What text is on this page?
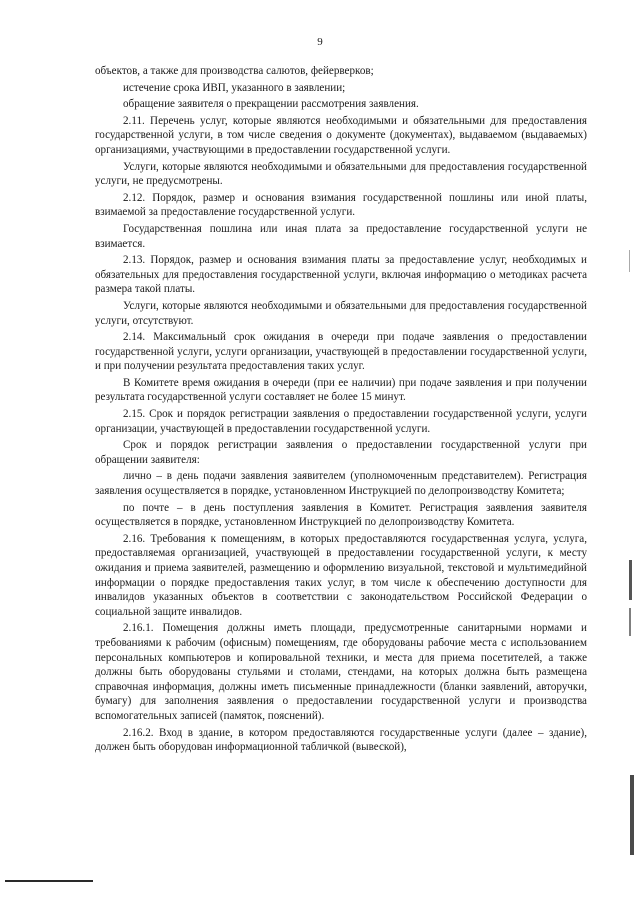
9

объектов, а также для производства салютов, фейерверков;

истечение срока ИВП, указанного в заявлении;

обращение заявителя о прекращении рассмотрения заявления.

2.11. Перечень услуг, которые являются необходимыми и обязательными для предоставления государственной услуги, в том числе сведения о документе (документах), выдаваемом (выдаваемых) организациями, участвующими в предоставлении государственной услуги.

Услуги, которые являются необходимыми и обязательными для предоставления государственной услуги, не предусмотрены.

2.12. Порядок, размер и основания взимания государственной пошлины или иной платы, взимаемой за предоставление государственной услуги.

Государственная пошлина или иная плата за предоставление государственной услуги не взимается.

2.13. Порядок, размер и основания взимания платы за предоставление услуг, необходимых и обязательных для предоставления государственной услуги, включая информацию о методиках расчета размера такой платы.

Услуги, которые являются необходимыми и обязательными для предоставления государственной услуги, отсутствуют.

2.14. Максимальный срок ожидания в очереди при подаче заявления о предоставлении государственной услуги, услуги организации, участвующей в предоставлении государственной услуги, и при получении результата предоставления таких услуг.

В Комитете время ожидания в очереди (при ее наличии) при подаче заявления и при получении результата государственной услуги составляет не более 15 минут.

2.15. Срок и порядок регистрации заявления о предоставлении государственной услуги, услуги организации, участвующей в предоставлении государственной услуги.

Срок и порядок регистрации заявления о предоставлении государственной услуги при обращении заявителя:

лично – в день подачи заявления заявителем (уполномоченным представителем). Регистрация заявления осуществляется в порядке, установленном Инструкцией по делопроизводству Комитета;

по почте – в день поступления заявления в Комитет. Регистрация заявления заявителя осуществляется в порядке, установленном Инструкцией по делопроизводству Комитета.

2.16. Требования к помещениям, в которых предоставляются государственная услуга, услуга, предоставляемая организацией, участвующей в предоставлении государственной услуги, к месту ожидания и приема заявителей, размещению и оформлению визуальной, текстовой и мультимедийной информации о порядке предоставления таких услуг, в том числе к обеспечению доступности для инвалидов указанных объектов в соответствии с законодательством Российской Федерации о социальной защите инвалидов.

2.16.1. Помещения должны иметь площади, предусмотренные санитарными нормами и требованиями к рабочим (офисным) помещениям, где оборудованы рабочие места с использованием персональных компьютеров и копировальной техники, и места для приема посетителей, а также должны быть оборудованы стульями и столами, стендами, на которых должна быть размещена справочная информация, должны иметь письменные принадлежности (бланки заявлений, авторучки, бумагу) для заполнения заявления о предоставлении государственной услуги и производства вспомогательных записей (памяток, пояснений).

2.16.2. Вход в здание, в котором предоставляются государственные услуги (далее – здание), должен быть оборудован информационной табличкой (вывеской),
